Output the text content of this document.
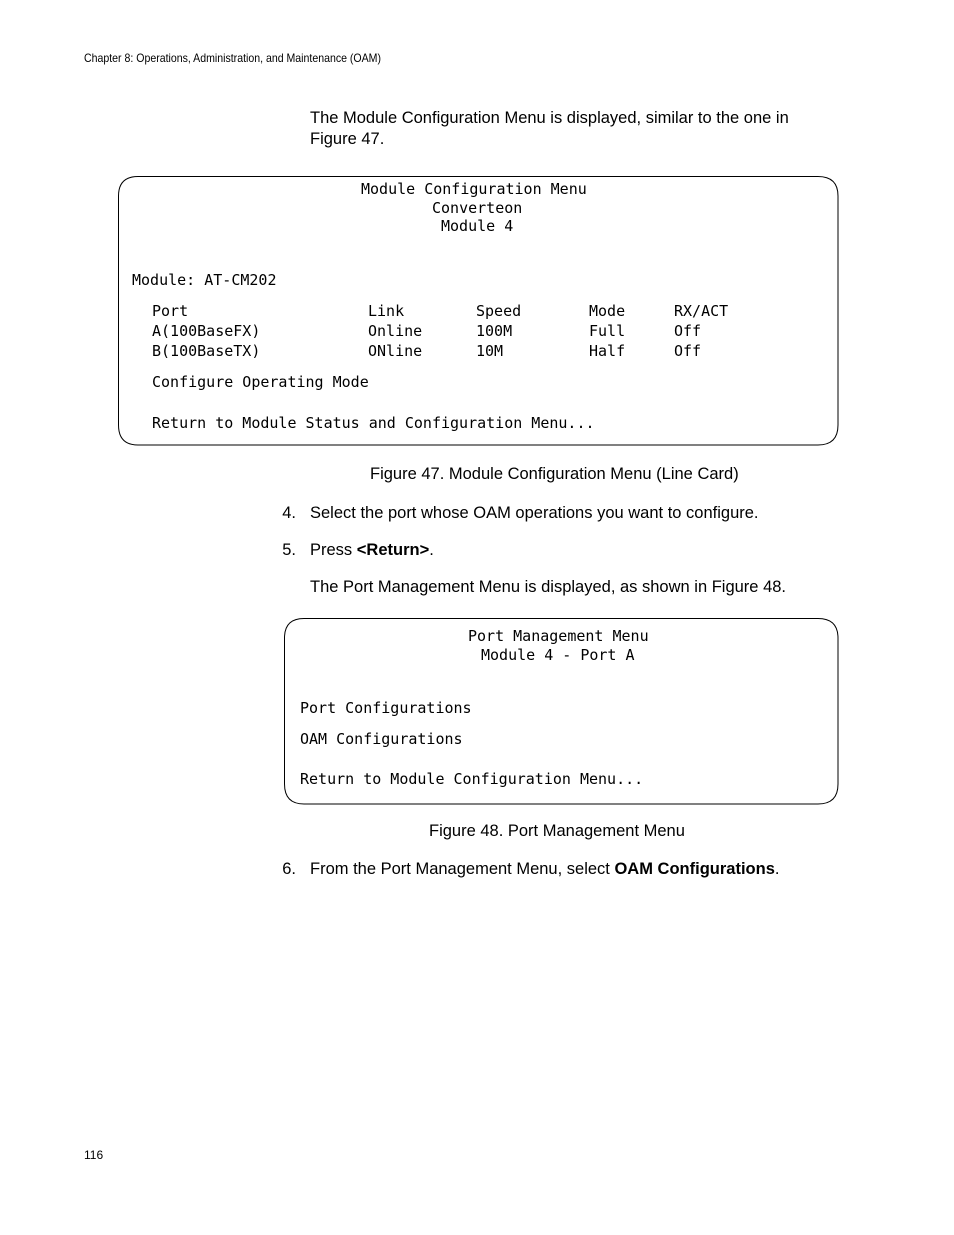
Chapter 8: Operations, Administration, and Maintenance (OAM)
The Module Configuration Menu is displayed, similar to the one in Figure 47.
Module Configuration Menu
Converteon
Module 4
Module: AT-CM202
Port	Link	Speed	Mode	RX/ACT
A(100BaseFX)	Online	100M	Full	Off
B(100BaseTX)	ONline	10M	Half	Off
Configure Operating Mode
Return to Module Status and Configuration Menu...
Figure 47. Module Configuration Menu (Line Card)
4. Select the port whose OAM operations you want to configure.
5. Press <Return>.
The Port Management Menu is displayed, as shown in Figure 48.
Port Management Menu
Module 4 - Port A
Port Configurations
OAM Configurations
Return to Module Configuration Menu...
Figure 48. Port Management Menu
6. From the Port Management Menu, select OAM Configurations.
116
